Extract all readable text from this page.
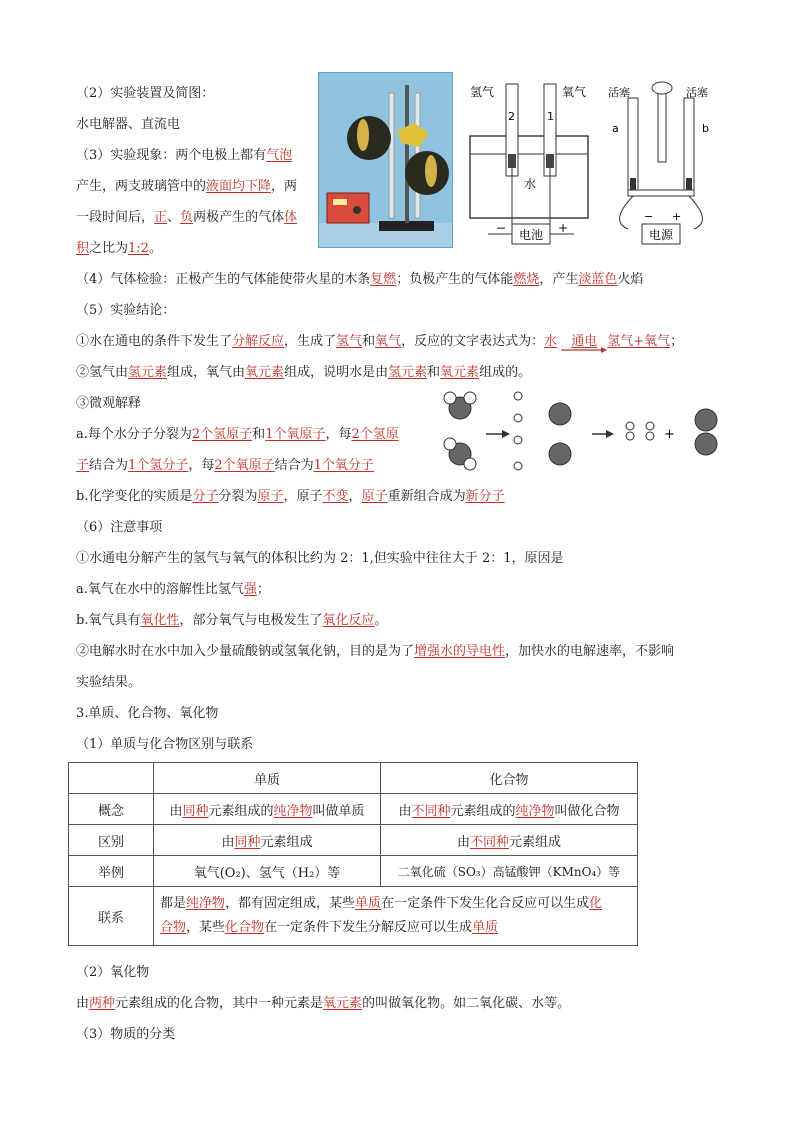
（2）实验装置及简图：
水电解器、直流电
（3）实验现象：两个电极上都有气泡
产生，两支玻璃管中的液面均下降，两
一段时间后，正、负两极产生的气体体
积之比为1:2。
氢气	氧气
2	1
水
电池
−	+
活塞	活塞
a	b
电源
− +
（4）气体检验：正极产生的气体能使带火星的木条复燃；负极产生的气体能燃烧，产生淡蓝色火焰
（5）实验结论：
①水在通电的条件下发生了分解反应，生成了氢气和氧气，反应的文字表达式为：水 通电 氢气+氧气；
②氢气由氢元素组成，氧气由氧元素组成，说明水是由氢元素和氧元素组成的。
③微观解释
a.每个水分子分裂为2个氢原子和1个氧原子，每2个氢原
子结合为1个氢分子，每2个氧原子结合为1个氧分子
b.化学变化的实质是分子分裂为原子，原子不变，原子重新组合成为新分子
+
（6）注意事项
①水通电分解产生的氢气与氧气的体积比约为 2：1,但实验中往往大于 2：1，原因是
a.氧气在水中的溶解性比氢气强；
b.氧气具有氧化性，部分氧气与电极发生了氧化反应。
②电解水时在水中加入少量硫酸钠或氢氧化钠，目的是为了增强水的导电性，加快水的电解速率，不影响
实验结果。
3.单质、化合物、氧化物
（1）单质与化合物区别与联系
	单质	化合物
概念	由同种元素组成的纯净物叫做单质	由不同种元素组成的纯净物叫做化合物
区别	由同种元素组成	由不同种元素组成
举例	氧气(O₂)、氢气（H₂）等	二氧化硫（SO₃）高锰酸钾（KMnO₄）等
联系	都是纯净物，都有固定组成，某些单质在一定条件下发生化合反应可以生成化
合物，某些化合物在一定条件下发生分解反应可以生成单质	
（2）氧化物
由两种元素组成的化合物，其中一种元素是氧元素的叫做氧化物。如二氧化碳、水等。
（3）物质的分类
